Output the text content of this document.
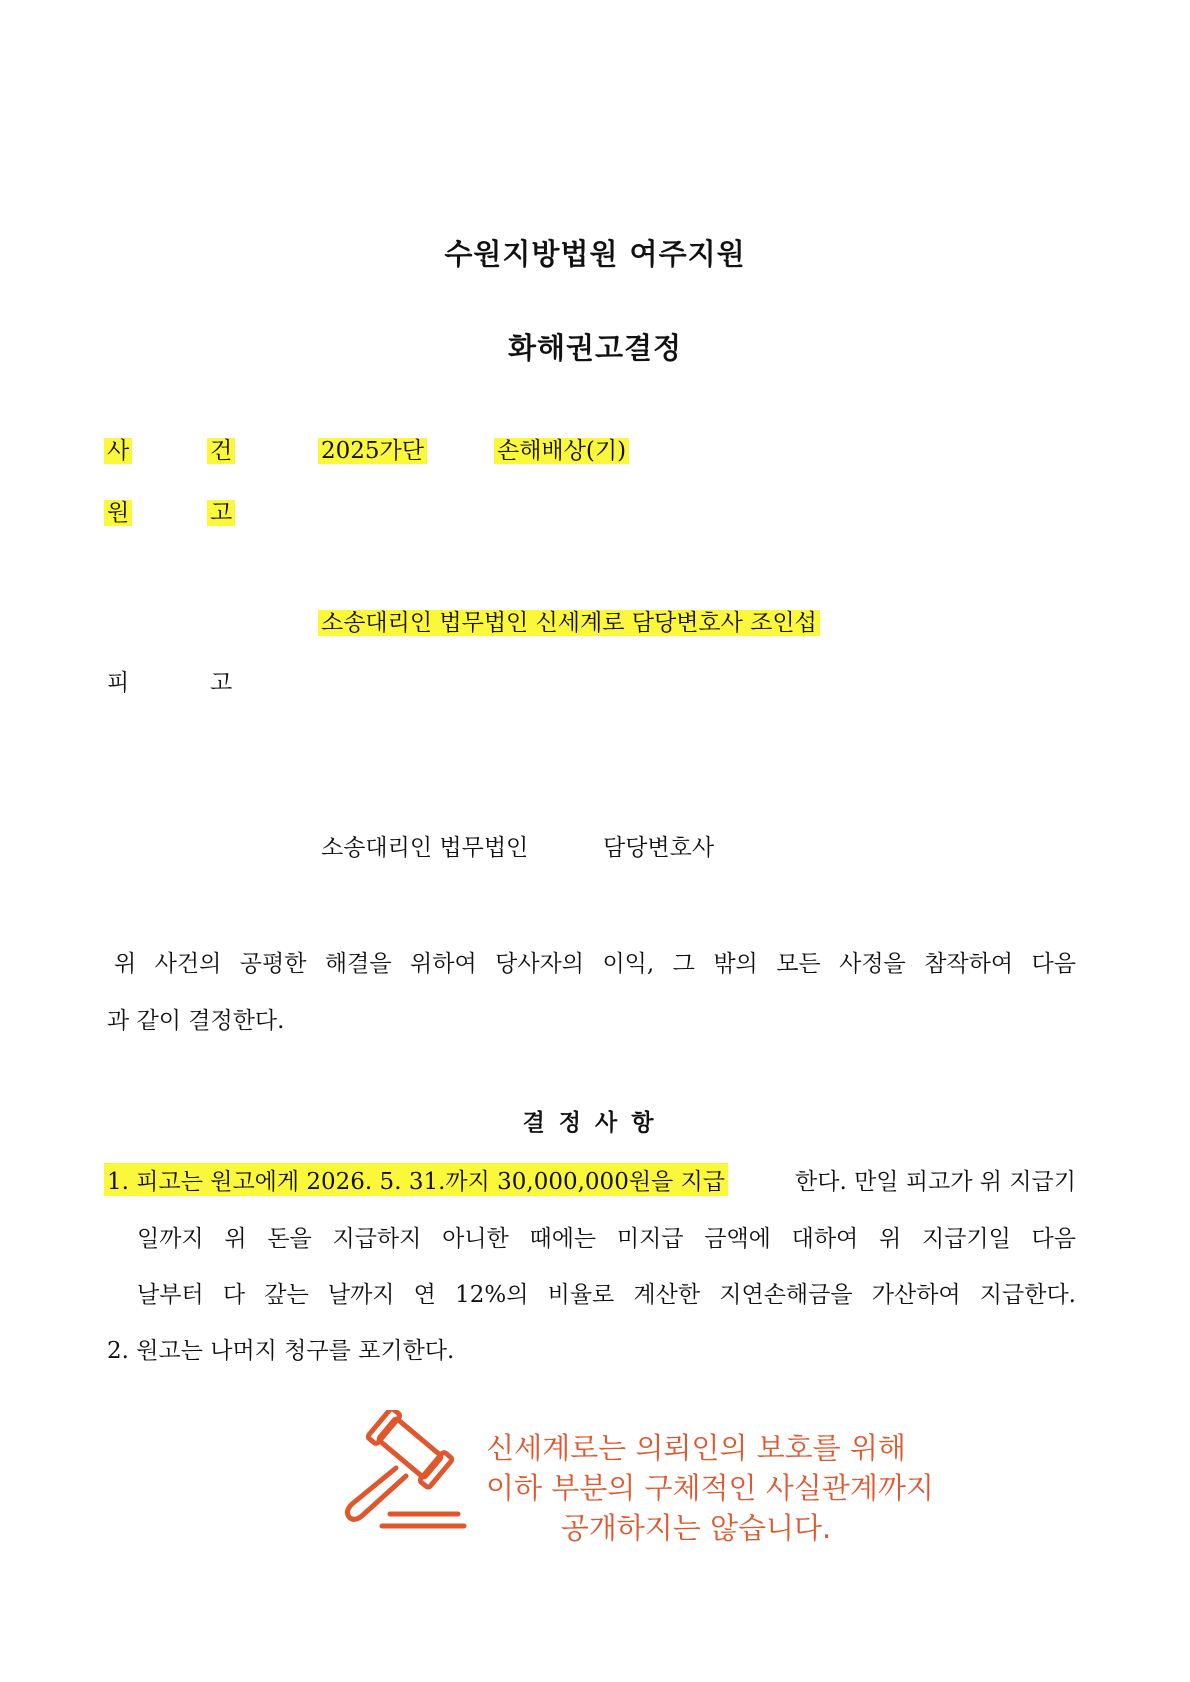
수원지방법원 여주지원
화해권고결정
사	건	2025가단	손해배상(기)
원	고
소송대리인 법무법인 신세계로 담당변호사 조인섭
피	고
소송대리인 법무법인	담당변호사
위 사건의 공평한 해결을 위하여 당사자의 이익, 그 밖의 모든 사정을 참작하여 다음
과 같이 결정한다.
결정사항
1. 피고는 원고에게 2026. 5. 31.까지 30,000,000원을 지급	한다. 만일 피고가 위 지급기
일까지 위 돈을 지급하지 아니한 때에는 미지급 금액에 대하여 위 지급기일 다음
날부터 다 갚는 날까지 연 12%의 비율로 계산한 지연손해금을 가산하여 지급한다.
2. 원고는 나머지 청구를 포기한다.
신세계로는 의뢰인의 보호를 위해
이하 부분의 구체적인 사실관계까지
공개하지는 않습니다.
